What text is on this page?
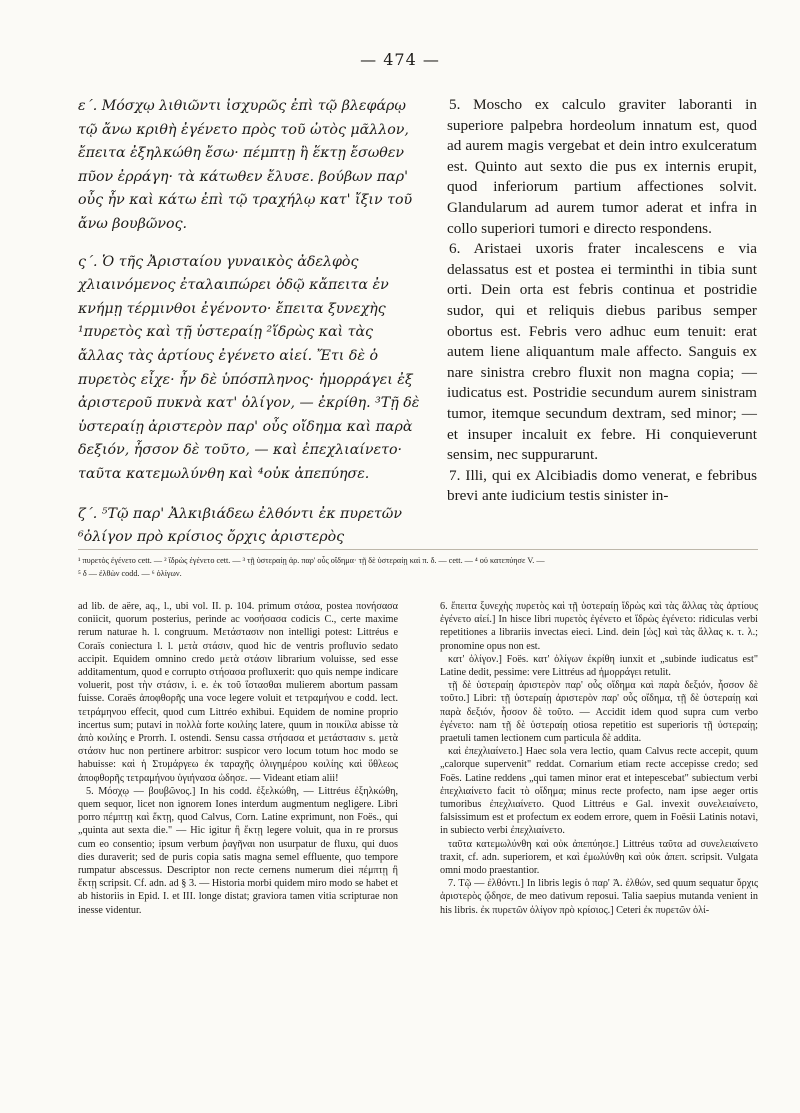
— 474 —

ε΄. Μόσχῳ λιθιῶντι ἰσχυρῶς ἐπὶ τῷ βλεφάρῳ τῷ ἄνω κριθὴ ἐγένετο πρὸς τοῦ ὠτὸς μᾶλλον, ἔπειτα ἐξηλκώθη ἔσω· πέμπτῃ ἢ ἕκτῃ ἔσωθεν πῦον ἐρράγη· τὰ κάτωθεν ἔλυσε. βούβων παρ' οὖς ἦν καὶ κάτω ἐπὶ τῷ τραχήλῳ κατ' ἴξιν τοῦ ἄνω βουβῶνος.

ς΄. Ὁ τῆς Ἀρισταίου γυναικὸς ἀδελφὸς χλιαινόμενος ἐταλαιπώρει ὁδῷ κἄπειτα ἐν κνήμῃ τέρμινθοι ἐγένοντο· ἔπειτα ξυνεχὴς ¹πυρετὸς καὶ τῇ ὑστεραίῃ ²ἵδρὼς καὶ τὰς ἄλλας τὰς ἀρτίους ἐγένετο αἰεί. Ἔτι δὲ ὁ πυρετὸς εἶχε· ἦν δὲ ὑπόσπληνος· ἡμορράγει ἐξ ἀριστεροῦ πυκνὰ κατ' ὀλίγον, — ἐκρίθη. ³Τῇ δὲ ὑστεραίῃ ἀριστερὸν παρ' οὖς οἴδημα καὶ παρὰ δεξιόν, ἧσσον δὲ τοῦτο, — καὶ ἐπεχλιαίνετο· ταῦτα κατεμωλύνθη καὶ ⁴οὐκ ἀπεπύησε.

ζ΄. ⁵Τῷ παρ' Ἀλκιβιάδεω ἐλθόντι ἐκ πυρετῶν ⁶ὀλίγον πρὸ κρίσιος ὄρχις ἀριστερὸς

5. Moscho ex calculo graviter laboranti in superiore palpebra hordeolum innatum est, quod ad aurem magis vergebat et dein intro exulceratum est. Quinto aut sexto die pus ex internis erupit, quod inferiorum partium affectiones solvit. Glandularum ad aurem tumor aderat et infra in collo superiori tumori e directo respondens.

6. Aristaei uxoris frater incalescens e via delassatus est et postea ei terminthi in tibia sunt orti. Dein orta est febris continua et postridie sudor, qui et reliquis diebus paribus semper obortus est. Febris vero adhuc eum tenuit: erat autem liene aliquantum male affecto. Sanguis ex nare sinistra crebro fluxit non magna copia; — iudicatus est. Postridie secundum aurem sinistram tumor, itemque secundum dextram, sed minor; — et insuper incaluit ex febre. Hi conquieverunt sensim, nec suppurarunt.

7. Illi, qui ex Alcibiadis domo venerat, e febribus brevi ante iudicium testis sinister in-

¹ πυρετὸς ἐγένετο cett. — ² ἵδρὼς ἐγένετο cett. — ³ τῇ ὑστεραίῃ ἀρ. παρ' οὖς οἴδημα· τῇ δὲ ὑστεραίῃ καὶ π. δ. — cett. — ⁴ οὐ κατεπύησε V. —
⁵ δ — ἐλθὼν codd. — ⁶ ὀλίγων.

ad lib. de aëre, aq., l., ubi vol. II. p. 104. primum στάσα, postea πονήσασα coniicit, quorum posterius, perinde ac νοσήσασα codicis C., certe maxime rerum naturae h. l. congruum. Μετάστασιν non intelligi potest: Littréus e Coraïs coniectura l. l. μετὰ στάσιν, quod hic de ventris profluvio sedato accipit. Equidem omnino credo μετὰ στάσιν librarium voluisse, sed esse additamentum, quod e corrupto στήσασα profluxerit: quo quis nempe indicare voluerit, post τὴν στάσιν, i. e. ἐκ τοῦ ἵστασθαι mulierem abortum passam fuisse. Coraës ἀποφθορῆς una voce legere voluit et τετραμήνου e codd. lect. τετράμηνου effecit, quod cum Littréo exhibui. Equidem de nomine proprio incertus sum; putavi in πολλὰ forte κοιλίης latere, quum in ποικίλα abisse τὰ ἀπὸ κοιλίης e Prorrh. I. ostendi. Sensu cassa στήσασα et μετάστασιν s. μετὰ στάσιν huc non pertinere arbitror: suspicor vero locum totum hoc modo se habuisse: καὶ ἡ Στυμάργεω ἐκ ταραχῆς ὀλιγημέρου κοιλίης καὶ ὕθλεως ἀποφθορῆς τετραμήνου ὑγιήνασα ὠδησε. — Videant etiam alii!

5. Μόσχῳ — βουβῶνος.] In his codd. ἐξελκώθη, — Littréus ἐξηλκώθη, quem sequor, licet non ignorem Iones interdum augmentum negligere. Libri porro πέμπτῃ καὶ ἕκτῃ, quod Calvus, Corn. Latine exprimunt, non Foës., qui „quinta aut sexta die." — Hic igitur ἢ ἕκτῃ legere voluit, qua in re prorsus cum eo consentio; ipsum verbum ῥαγῆναι non usurpatur de fluxu, qui duos dies duraverit; sed de puris copia satis magna semel effluente, quo tempore rumpatur abscessus. Descriptor non recte cernens numerum diei πέμπτῃ ἢ ἕκτῃ scripsit. Cf. adn. ad § 3. — Historia morbi quidem miro modo se habet et ab historiis in Epid. I. et III. longe distat; graviora tamen vitia scripturae non inesse videntur.

6. ἔπειτα ξυνεχὴς πυρετὸς καὶ τῇ ὑστεραίῃ ἵδρὼς καὶ τὰς ἄλλας τὰς ἀρτίους ἐγένετο αἰεί.] In hisce libri πυρετὸς ἐγένετο et ἵδρὼς ἐγένετο: ridiculas verbi repetitiones a librariis invectas eieci. Lind. dein [ὡς] καὶ τὰς ἄλλας κ. τ. λ.; pronomine opus non est.

κατ' ὀλίγον.] Foës. κατ' ὀλίγων ἐκρίθη iunxit et „subinde iudicatus est" Latine dedit, pessime: vere Littréus ad ἡμορράγει retulit.

τῇ δὲ ὑστεραίῃ ἀριστερὸν παρ' οὖς οἴδημα καὶ παρὰ δεξιόν, ἧσσον δὲ τοῦτο.] Libri: τῇ ὑστεραίῃ ἀριστερὸν παρ' οὖς οἴδημα, τῇ δὲ ὑστεραίῃ καὶ παρὰ δεξιόν, ἧσσον δὲ τοῦτο. — Accidit idem quod supra cum verbo ἐγένετο: nam τῇ δὲ ὑστεραίῃ otiosa repetitio est superioris τῇ ὑστεραίῃ; praetuli tamen lectionem cum particula δὲ addita.

καὶ ἐπεχλιαίνετο.] Haec sola vera lectio, quam Calvus recte accepit, quum „calorque supervenit" reddat. Cornarium etiam recte accepisse credo; sed Foës. Latine reddens „qui tamen minor erat et intepescebat" subiectum verbi ἐπεχλιαίνετο facit τὸ οἴδημα; minus recte profecto, nam ipse aeger ortis tumoribus ἐπεχλιαίνετο. Quod Littréus e Gal. invexit συνελειαίνετο, falsissimum est et profectum ex eodem errore, quem in Foësii Latinis notavi, in subiecto verbi ἐπεχλιαίνετο.

ταῦτα κατεμωλύνθη καὶ οὐκ ἀπεπύησε.] Littréus ταῦτα ad συνελειαίνετο traxit, cf. adn. superiorem, et καὶ ἐμωλύνθη καὶ οὐκ ἀπεπ. scripsit. Vulgata omni modo praestantior.

7. Τῷ — ἐλθόντι.] In libris legis ὁ παρ' Ἀ. ἐλθών, sed quum sequatur ὄρχις ἀριστερὸς ᾤδησε, de meo dativum reposui. Talia saepius mutanda venient in his libris. ἐκ πυρετῶν ὀλίγον πρὸ κρίσιος.] Ceteri ἐκ πυρετῶν ὀλί-
